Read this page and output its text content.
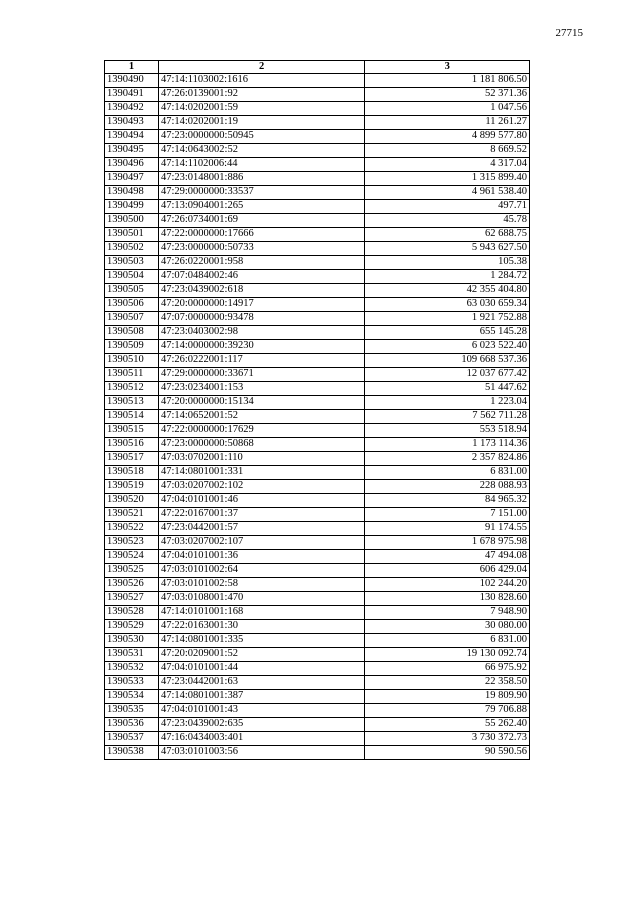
27715
1	2	3
1390490	47:14:1103002:1616	1 181 806.50
1390491	47:26:0139001:92	52 371.36
1390492	47:14:0202001:59	1 047.56
1390493	47:14:0202001:19	11 261.27
1390494	47:23:0000000:50945	4 899 577.80
1390495	47:14:0643002:52	8 669.52
1390496	47:14:1102006:44	4 317.04
1390497	47:23:0148001:886	1 315 899.40
1390498	47:29:0000000:33537	4 961 538.40
1390499	47:13:0904001:265	497.71
1390500	47:26:0734001:69	45.78
1390501	47:22:0000000:17666	62 688.75
1390502	47:23:0000000:50733	5 943 627.50
1390503	47:26:0220001:958	105.38
1390504	47:07:0484002:46	1 284.72
1390505	47:23:0439002:618	42 355 404.80
1390506	47:20:0000000:14917	63 030 659.34
1390507	47:07:0000000:93478	1 921 752.88
1390508	47:23:0403002:98	655 145.28
1390509	47:14:0000000:39230	6 023 522.40
1390510	47:26:0222001:117	109 668 537.36
1390511	47:29:0000000:33671	12 037 677.42
1390512	47:23:0234001:153	51 447.62
1390513	47:20:0000000:15134	1 223.04
1390514	47:14:0652001:52	7 562 711.28
1390515	47:22:0000000:17629	553 518.94
1390516	47:23:0000000:50868	1 173 114.36
1390517	47:03:0702001:110	2 357 824.86
1390518	47:14:0801001:331	6 831.00
1390519	47:03:0207002:102	228 088.93
1390520	47:04:0101001:46	84 965.32
1390521	47:22:0167001:37	7 151.00
1390522	47:23:0442001:57	91 174.55
1390523	47:03:0207002:107	1 678 975.98
1390524	47:04:0101001:36	47 494.08
1390525	47:03:0101002:64	606 429.04
1390526	47:03:0101002:58	102 244.20
1390527	47:03:0108001:470	130 828.60
1390528	47:14:0101001:168	7 948.90
1390529	47:22:0163001:30	30 080.00
1390530	47:14:0801001:335	6 831.00
1390531	47:20:0209001:52	19 130 092.74
1390532	47:04:0101001:44	66 975.92
1390533	47:23:0442001:63	22 358.50
1390534	47:14:0801001:387	19 809.90
1390535	47:04:0101001:43	79 706.88
1390536	47:23:0439002:635	55 262.40
1390537	47:16:0434003:401	3 730 372.73
1390538	47:03:0101003:56	90 590.56
